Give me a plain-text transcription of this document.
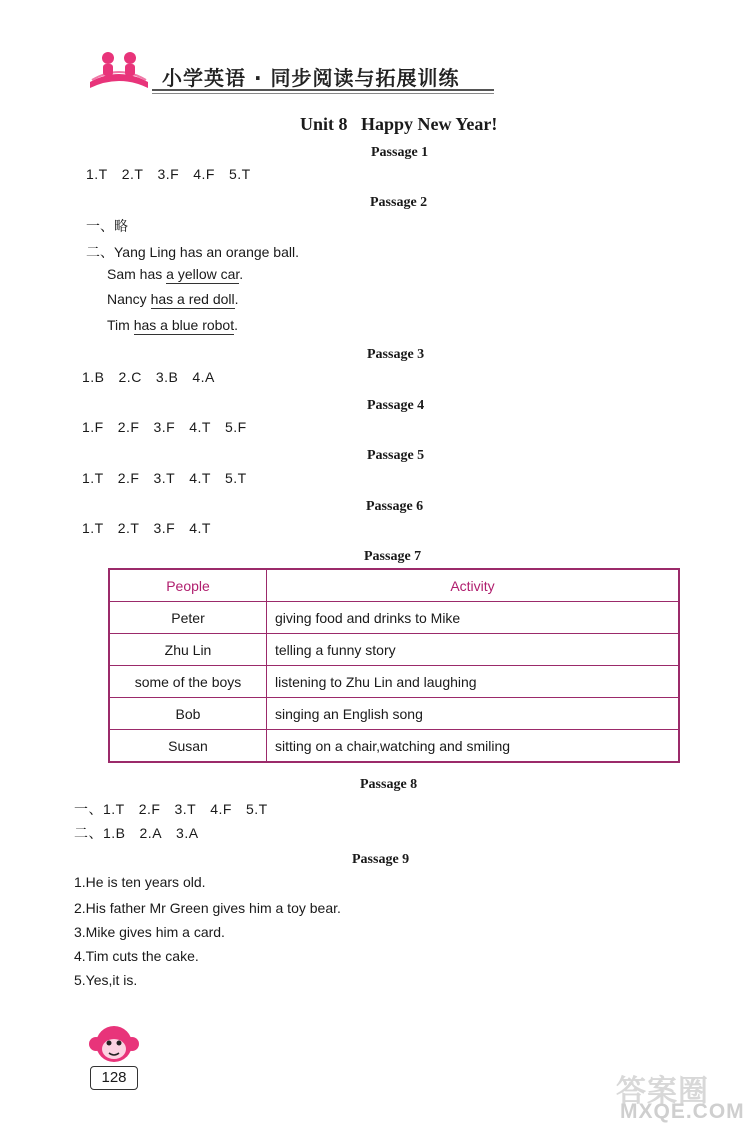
小学英语 · 同步阅读与拓展训练
Unit 8   Happy New Year!
Passage 1
1.T 2.T 3.F 4.F 5.T
Passage 2
一、略
二、Yang Ling has an orange ball.
Sam has a yellow car.
Nancy has a red doll.
Tim has a blue robot.
Passage 3
1.B 2.C 3.B 4.A
Passage 4
1.F 2.F 3.F 4.T 5.F
Passage 5
1.T 2.F 3.T 4.T 5.T
Passage 6
1.T 2.T 3.F 4.T
Passage 7
People	Activity
Peter	giving food and drinks to Mike
Zhu Lin	telling a funny story
some of the boys	listening to Zhu Lin and laughing
Bob	singing an English song
Susan	sitting on a chair,watching and smiling
Passage 8
一、1.T 2.F 3.T 4.F 5.T
二、1.B 2.A 3.A
Passage 9
1.He is ten years old.
2.His father Mr Green gives him a toy bear.
3.Mike gives him a card.
4.Tim cuts the cake.
5.Yes,it is.
128	答案圈
MXQE.COM
